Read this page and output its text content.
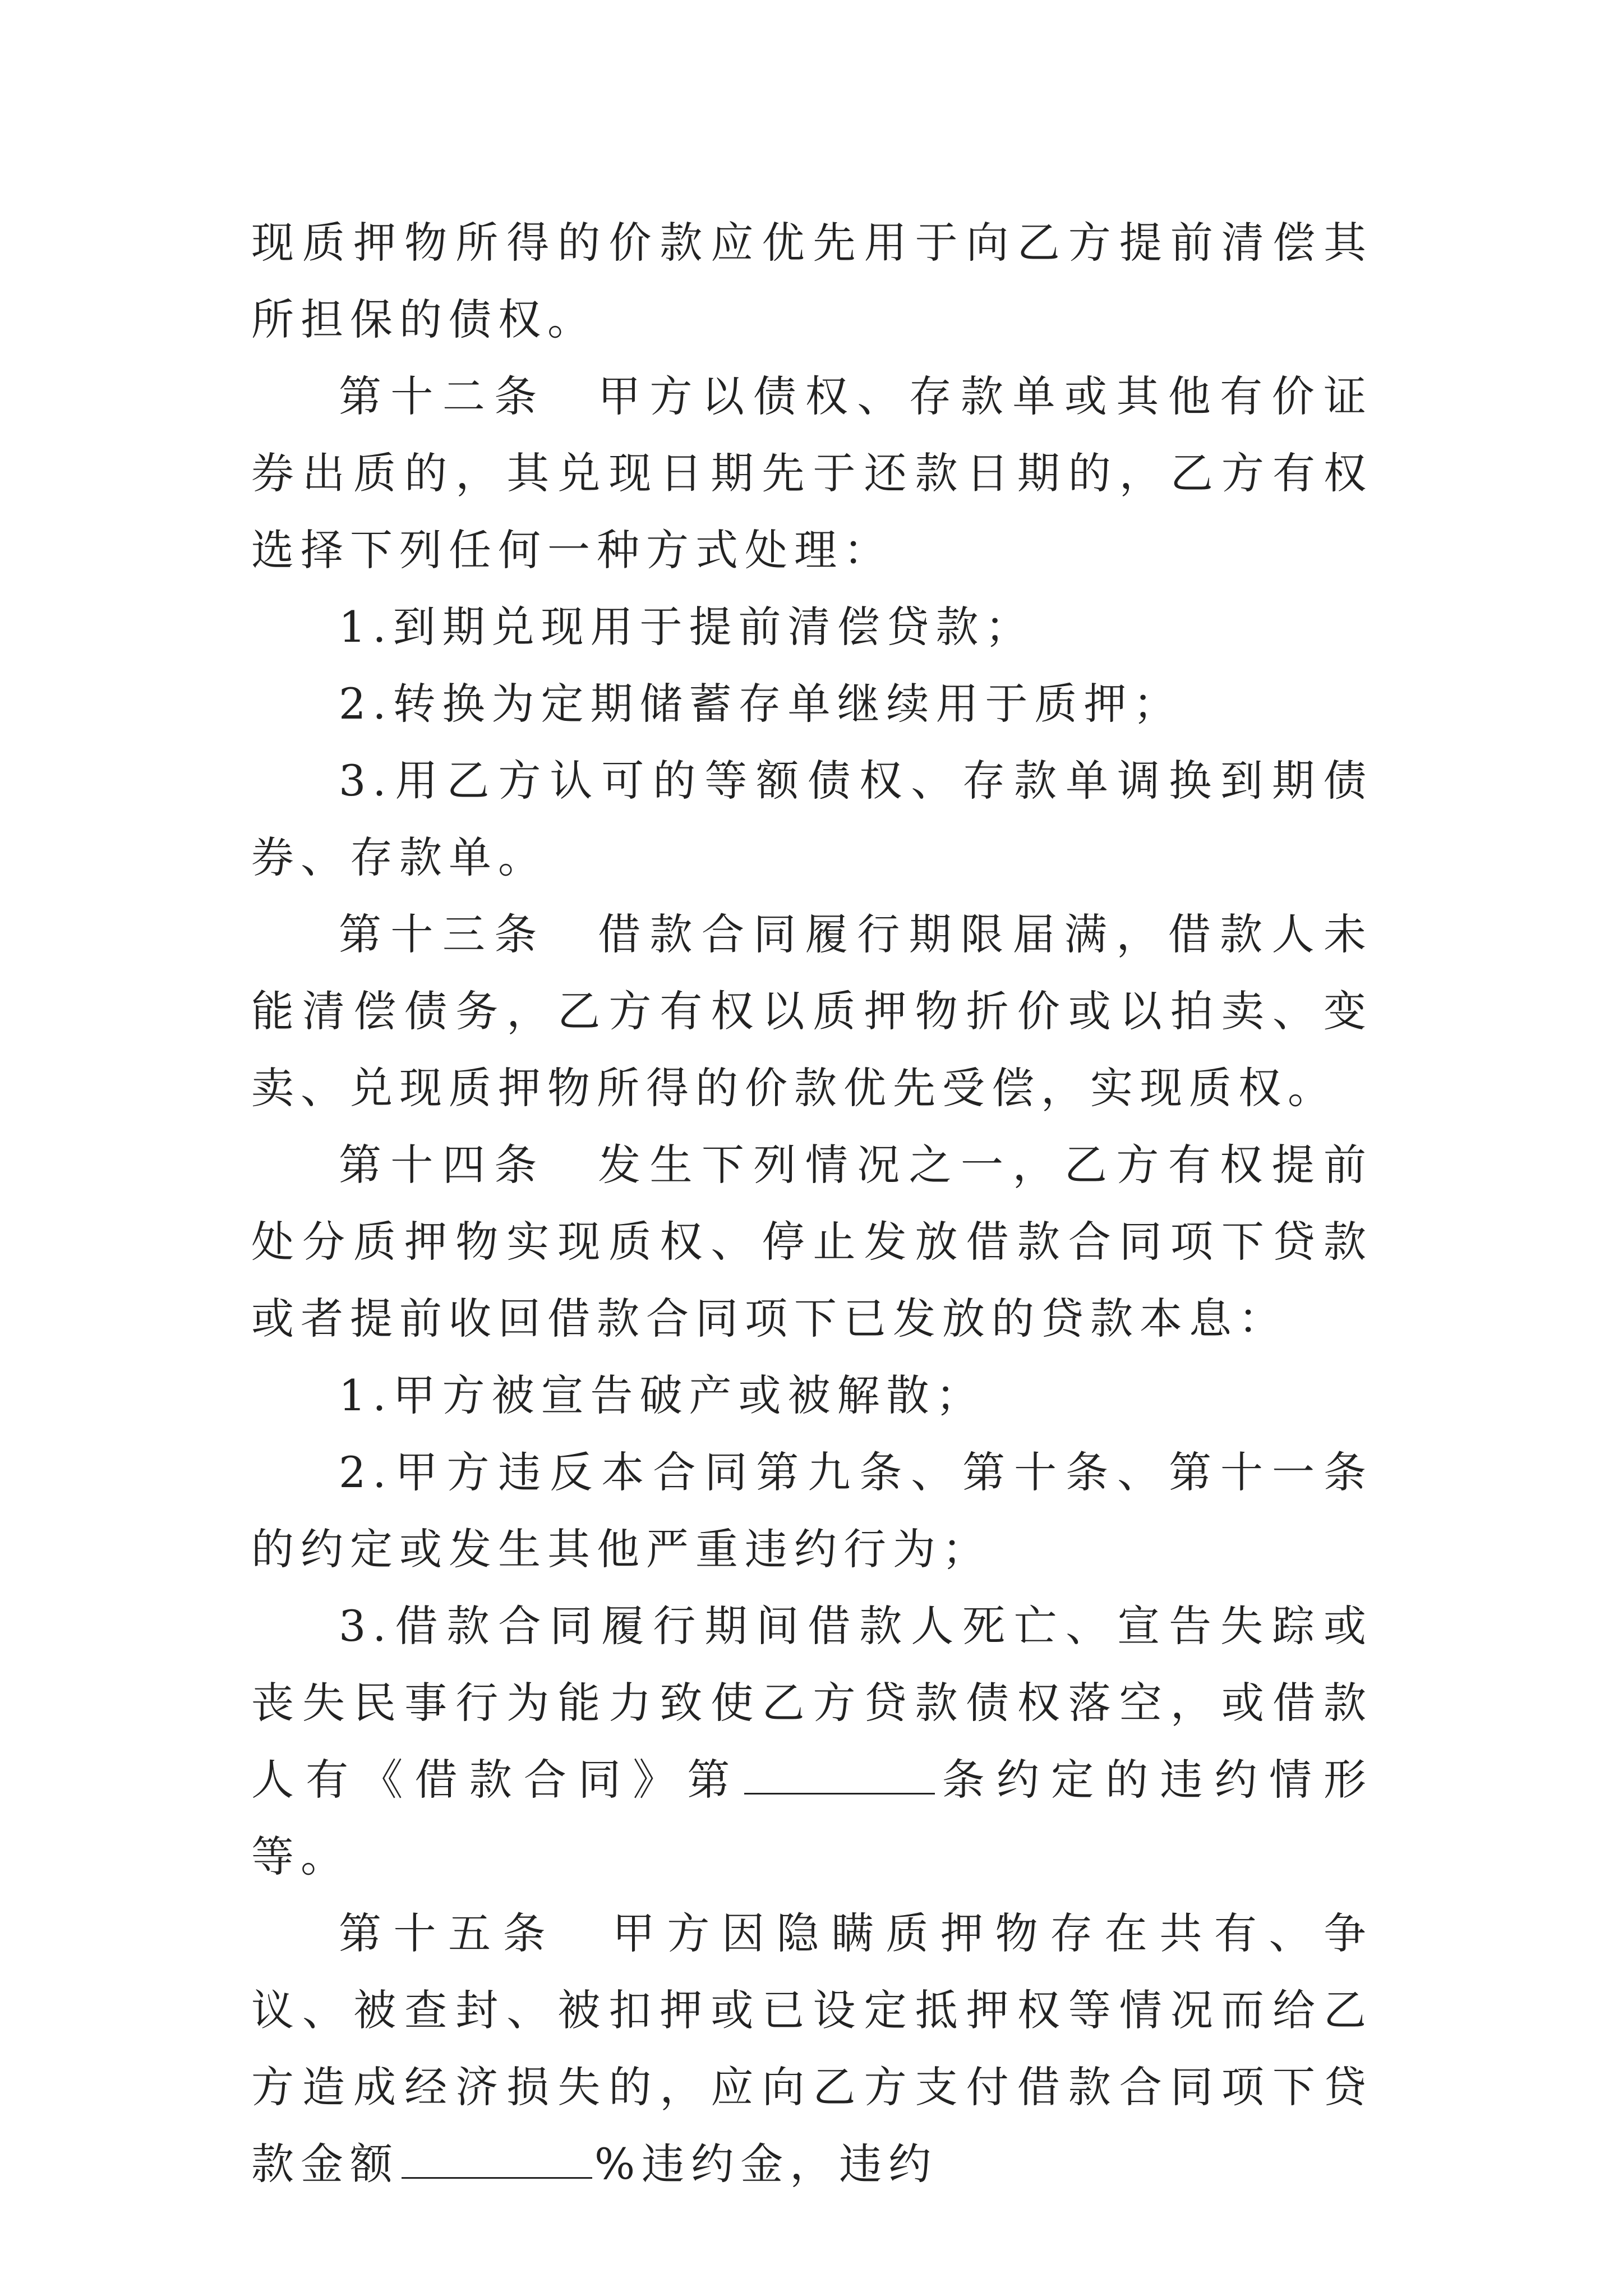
现质押物所得的价款应优先用于向乙方提前清偿其所担保的债权。

第十二条　甲方以债权、存款单或其他有价证券出质的，其兑现日期先于还款日期的，乙方有权选择下列任何一种方式处理：

1.到期兑现用于提前清偿贷款；

2.转换为定期储蓄存单继续用于质押；

3.用乙方认可的等额债权、存款单调换到期债券、存款单。

第十三条　借款合同履行期限届满，借款人未能清偿债务，乙方有权以质押物折价或以拍卖、变卖、兑现质押物所得的价款优先受偿，实现质权。

第十四条　发生下列情况之一，乙方有权提前处分质押物实现质权、停止发放借款合同项下贷款或者提前收回借款合同项下已发放的贷款本息：

1.甲方被宣告破产或被解散；

2.甲方违反本合同第九条、第十条、第十一条的约定或发生其他严重违约行为；

3.借款合同履行期间借款人死亡、宣告失踪或丧失民事行为能力致使乙方贷款债权落空，或借款人有《借款合同》第	条约定的违约情形等。

第十五条　甲方因隐瞒质押物存在共有、争议、被查封、被扣押或已设定抵押权等情况而给乙方造成经济损失的，应向乙方支付借款合同项下贷款金额	%违约金，违约
